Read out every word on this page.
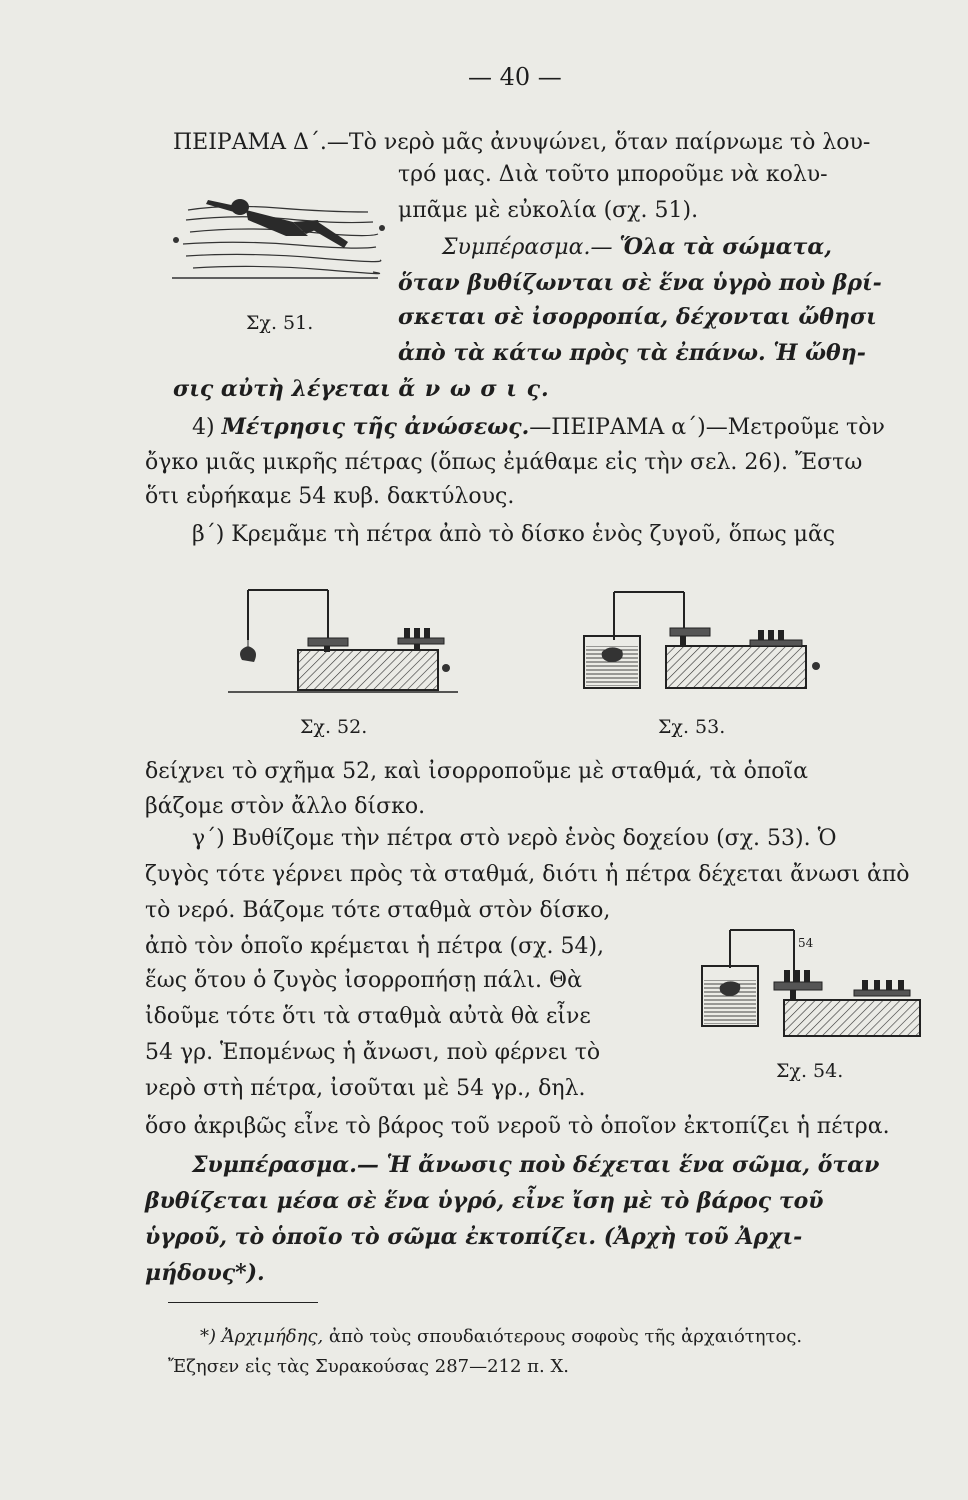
— 40 —
ΠΕΙΡΑΜΑ Δ΄.—Τὸ νερὸ μᾶς ἀνυψώνει, ὅταν παίρνωμε τὸ λου-
τρό μας. Διὰ τοῦτο μποροῦμε νὰ κολυ-
μπᾶμε μὲ εὐκολία (σχ. 51).
Συμπέρασμα.— Ὅλα τὰ σώματα,
ὅταν βυθίζωνται σὲ ἕνα ὑγρὸ ποὺ βρί-
σκεται σὲ ἰσορροπία, δέχονται ὤθησι
ἀπὸ τὰ κάτω πρὸς τὰ ἐπάνω. Ἡ ὤθη-
σις αὐτὴ λέγεται ἄ ν ω σ ι ς.
Σχ. 51.
4) Μέτρησις τῆς ἀνώσεως.—ΠΕΙΡΑΜΑ α΄)—Μετροῦμε τὸν
ὄγκο μιᾶς μικρῆς πέτρας (ὅπως ἐμάθαμε εἰς τὴν σελ. 26). Ἔστω
ὅτι εὑρήκαμε 54 κυβ. δακτύλους.
β΄) Κρεμᾶμε τὴ πέτρα ἀπὸ τὸ δίσκο ἑνὸς ζυγοῦ, ὅπως μᾶς
Σχ. 52.	Σχ. 53.
δείχνει τὸ σχῆμα 52, καὶ ἰσορροποῦμε μὲ σταθμά, τὰ ὁποῖα
βάζομε στὸν ἄλλο δίσκο.
γ΄) Βυθίζομε τὴν πέτρα στὸ νερὸ ἑνὸς δοχείου (σχ. 53). Ὁ
ζυγὸς τότε γέρνει πρὸς τὰ σταθμά, διότι ἡ πέτρα δέχεται ἄνωσι ἀπὸ
τὸ νερό. Βάζομε τότε σταθμὰ στὸν δίσκο,
ἀπὸ τὸν ὁποῖο κρέμεται ἡ πέτρα (σχ. 54),
ἕως ὅτου ὁ ζυγὸς ἰσορροπήσῃ πάλι. Θὰ
ἰδοῦμε τότε ὅτι τὰ σταθμὰ αὐτὰ θὰ εἶνε
54 γρ. Ἑπομένως ἡ ἄνωσι, ποὺ φέρνει τὸ
νερὸ στὴ πέτρα, ἰσοῦται μὲ 54 γρ., δηλ.
54
Σχ. 54.
ὅσο ἀκριβῶς εἶνε τὸ βάρος τοῦ νεροῦ τὸ ὁποῖον ἐκτοπίζει ἡ πέτρα.
Συμπέρασμα.— Ἡ ἄνωσις ποὺ δέχεται ἕνα σῶμα, ὅταν
βυθίζεται μέσα σὲ ἕνα ὑγρό, εἶνε ἴση μὲ τὸ βάρος τοῦ
ὑγροῦ, τὸ ὁποῖο τὸ σῶμα ἐκτοπίζει. (Ἀρχὴ τοῦ Ἀρχι-
μήδους*).
*) Ἀρχιμήδης, ἀπὸ τοὺς σπουδαιότερους σοφοὺς τῆς ἀρχαιότητος.
Ἔζησεν εἰς τὰς Συρακούσας 287—212 π. Χ.
